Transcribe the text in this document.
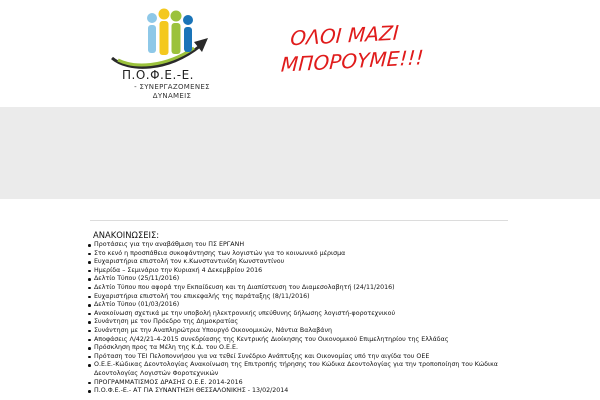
Π.Ο.Φ.Ε.-Ε.
- ΣΥΝΕΡΓΑΖΟΜΕΝΕΣ
ΔΥΝΑΜΕΙΣ
ΟΛΟΙ ΜΑΖΙ
ΜΠΟΡΟΥΜΕ!!!
ΑΝΑΚΟΙΝΩΣΕΙΣ:
Προτάσεις για την αναβάθμιση του ΠΣ ΕΡΓΑΝΗ
Στο κενό η προσπάθεια συκοφάντησης των λογιστών για το κοινωνικό μέρισμα
Ευχαριστήρια επιστολή τον κ.Κωνσταντινίδη Κωνσταντίνου
Ημερίδα – Σεμινάριο την Κυριακή 4 Δεκεμβρίου 2016
Δελτίο Τύπου (25/11/2016)
Δελτίο Τύπου που αφορά την Εκπαίδευση και τη Διαπίστευση του Διαμεσολαβητή (24/11/2016)
Ευχαριστήρια επιστολή του επικεφαλής της παράταξης (8/11/2016)
Δελτίο Τύπου (01/03/2016)
Ανακοίνωση σχετικά με την υποβολή ηλεκτρονικής υπεύθυνης δήλωσης λογιστή-φοροτεχνικού
Συνάντηση με τον Πρόεδρο της Δημοκρατίας
Συνάντηση με την Αναπληρώτρια Υπουργό Οικονομικών, Νάντια Βαλαβάνη
Αποφάσεις Λ/42/21-4-2015 συνεδρίασης της Κεντρικής Διοίκησης του Οικονομικού Επιμελητηρίου της Ελλάδας
Πρόσκληση προς τα Μέλη της Κ.Δ. του Ο.Ε.Ε.
Πρόταση του ΤΕΙ Πελοποννήσου για να τεθεί Συνέδριο Ανάπτυξης και Οικονομίας υπό την αιγίδα του ΟΕΕ
Ο.Ε.Ε.-Κώδικας Δεοντολογίας Ανακοίνωση της Επιτροπής τήρησης του Κώδικα Δεοντολογίας για την τροποποίηση του Κώδικα Δεοντολογίας Λογιστών Φοροτεχνικών
ΠΡΟΓΡΑΜΜΑΤΙΣΜΟΣ ΔΡΑΣΗΣ Ο.Ε.Ε. 2014-2016
Π.Ο.Φ.Ε.-Ε.- ΑΤ ΓΙΑ ΣΥΝΑΝΤΗΣΗ ΘΕΣΣΑΛΟΝΙΚΗΣ - 13/02/2014
